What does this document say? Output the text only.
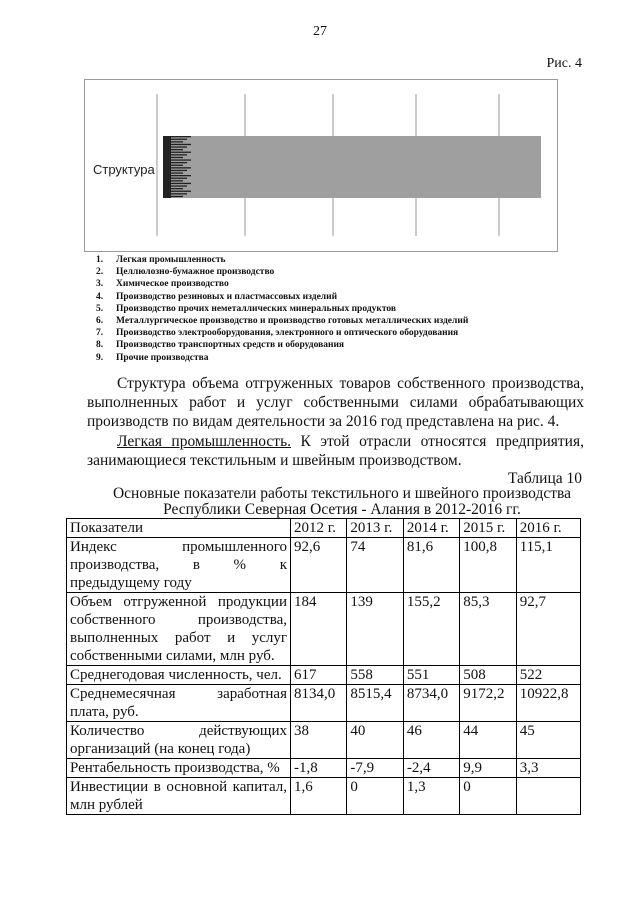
27
Рис. 4
Структура
1. Легкая промышленность
2. Целлюлозно-бумажное производство
3. Химическое производство
4. Производство резиновых и пластмассовых изделий
5. Производство прочих неметаллических минеральных продуктов
6. Металлургическое производство и производство готовых металлических изделий
7. Производство электрооборудования, электронного и оптического оборудования
8. Производство транспортных средств и оборудования
9. Прочие производства
Структура объема отгруженных товаров собственного производства, выполненных работ и услуг собственными силами обрабатывающих производств по видам деятельности за 2016 год представлена на рис. 4.
Легкая промышленность. К этой отрасли относятся предприятия, занимающиеся текстильным и швейным производством.
Таблица 10
Основные показатели работы текстильного и швейного производства
Республики Северная Осетия - Алания в 2012-2016 гг.
Показатели	2012 г.	2013 г.	2014 г.	2015 г.	2016 г.
Индекс промышленного производства, в % к предыдущему году	92,6	74	81,6	100,8	115,1
Объем отгруженной продукции собственного производства, выполненных работ и услуг собственными силами, млн руб.	184	139	155,2	85,3	92,7
Среднегодовая численность, чел.	617	558	551	508	522
Среднемесячная заработная плата, руб.	8134,0	8515,4	8734,0	9172,2	10922,8
Количество действующих организаций (на конец года)	38	40	46	44	45
Рентабельность производства, %	-1,8	-7,9	-2,4	9,9	3,3
Инвестиции в основной капитал, млн рублей	1,6	0	1,3	0	
